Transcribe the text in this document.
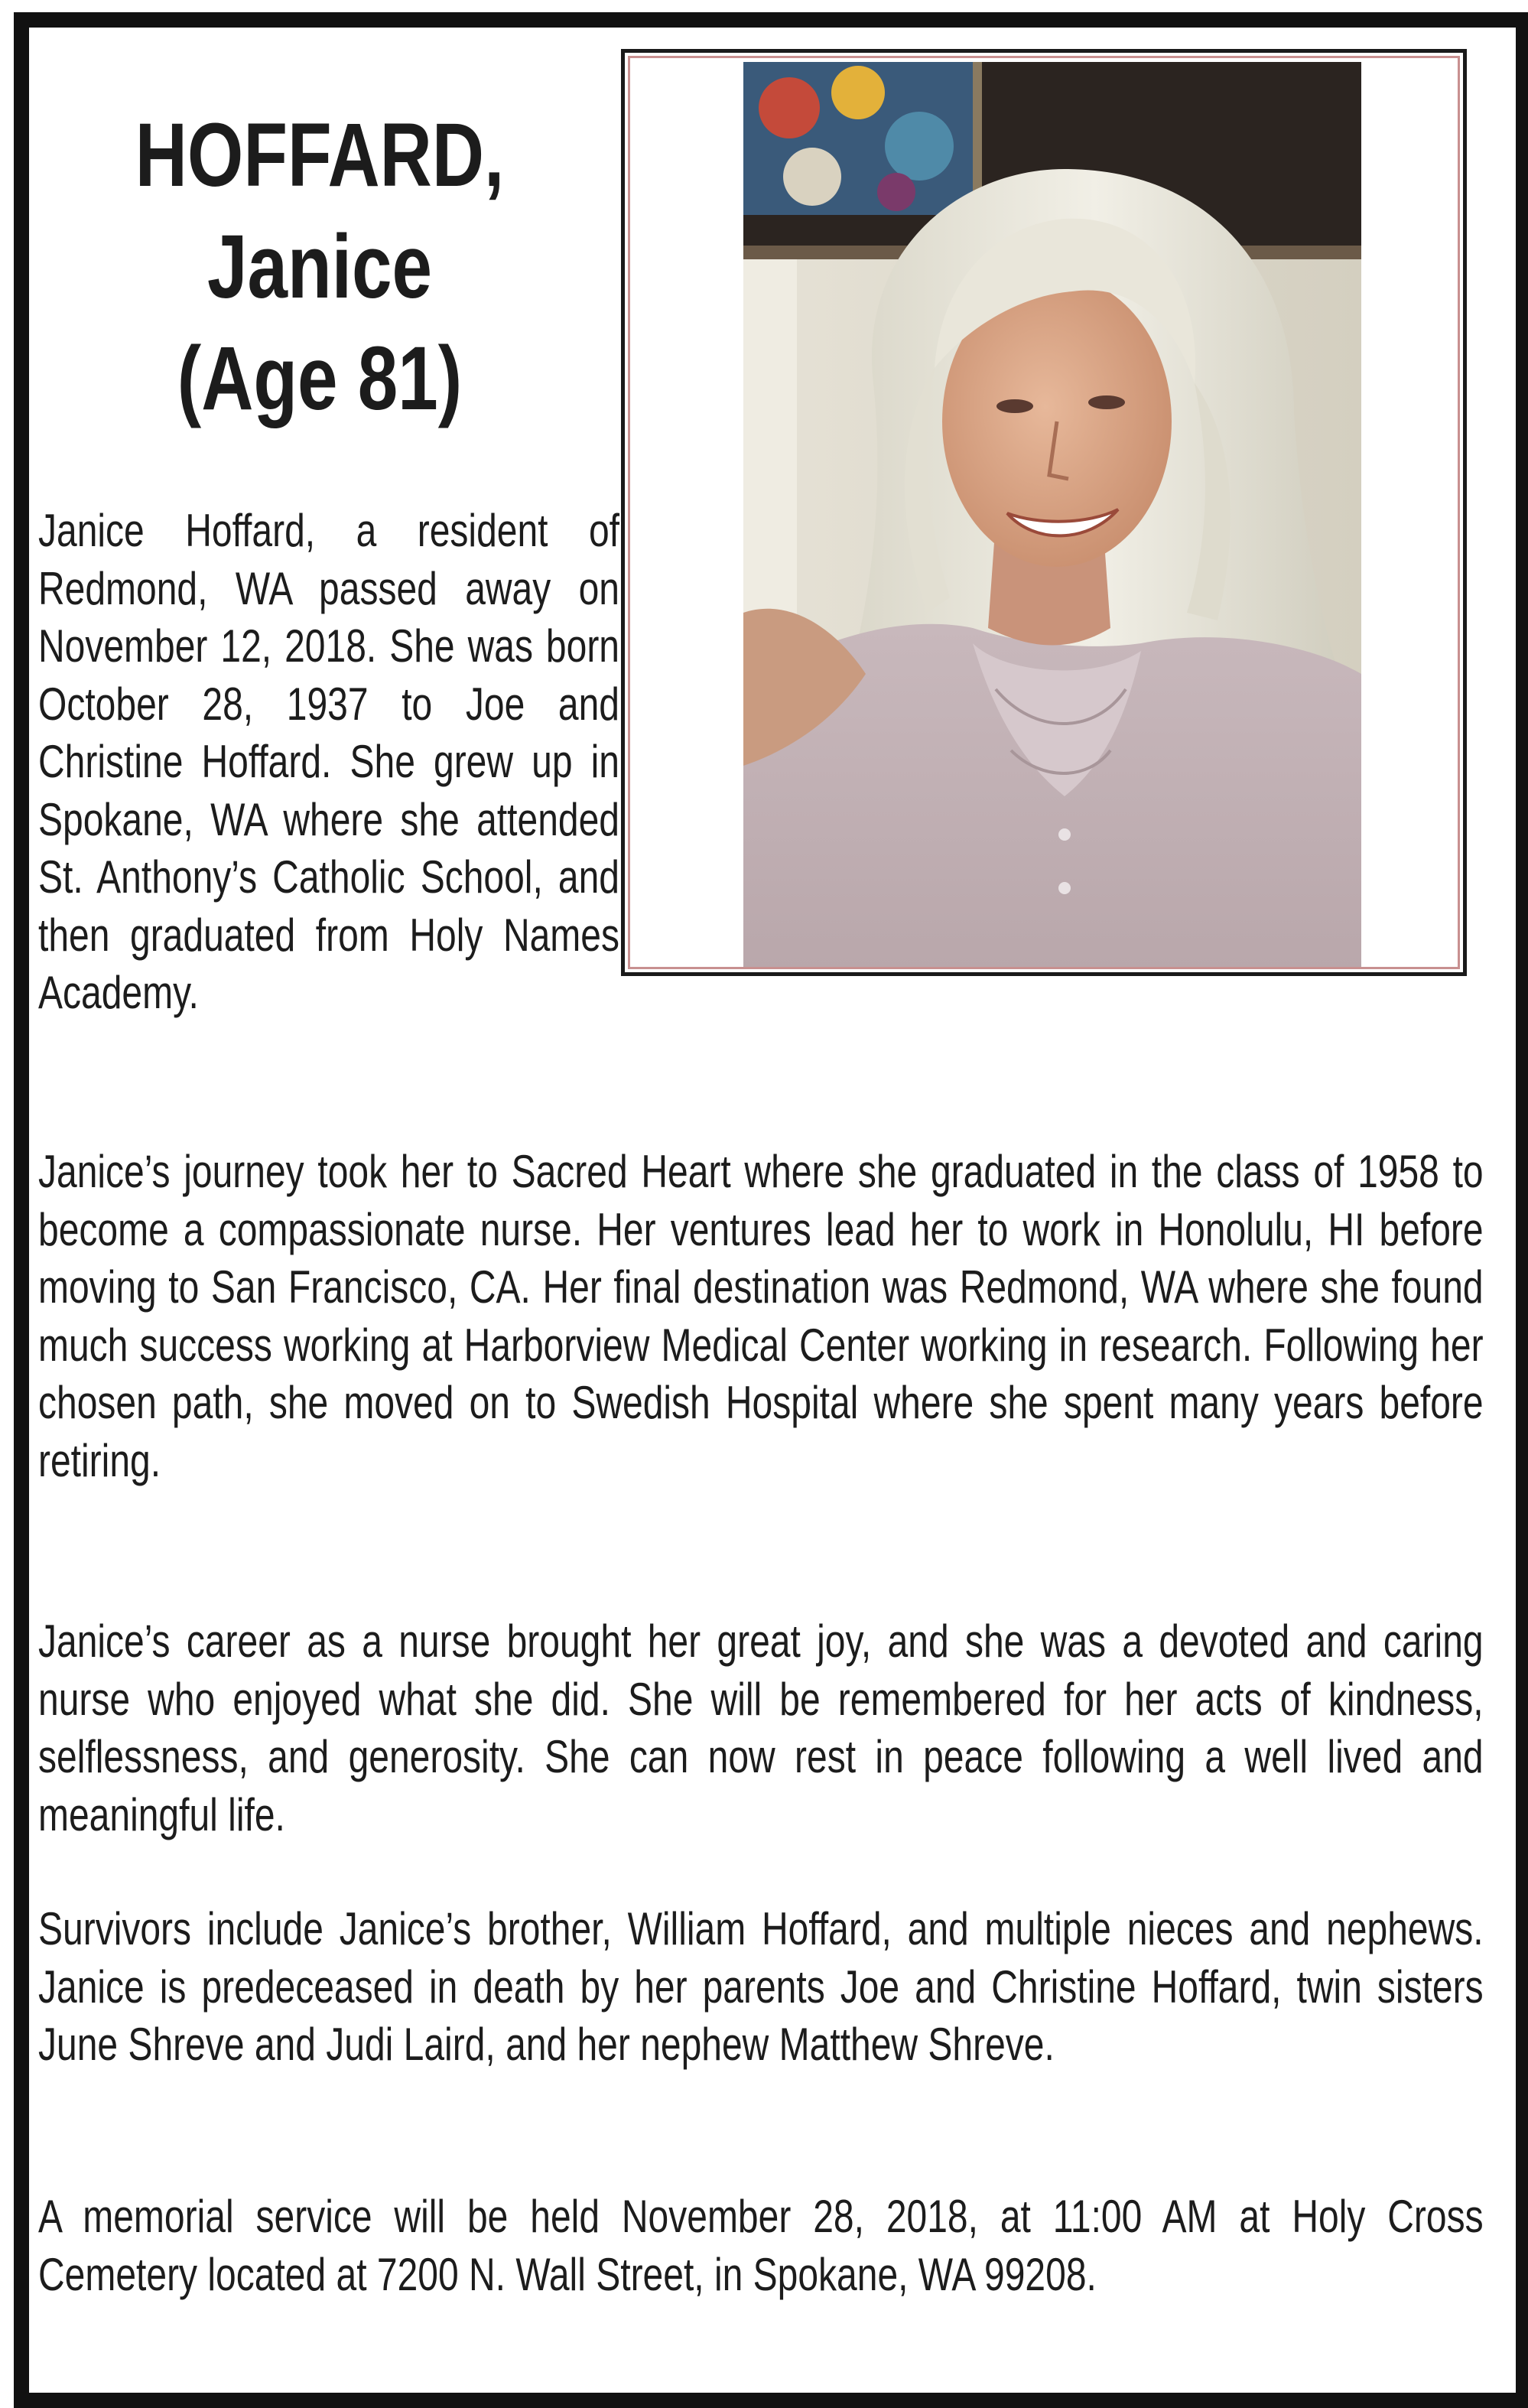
HOFFARD,
Janice
(Age 81)

Janice Hoffard, a resident of Redmond, WA passed away on November 12, 2018. She was born October 28, 1937 to Joe and Christine Hoffard. She grew up in Spokane, WA where she attended St. Anthony’s Catholic School, and then graduated from Holy Names Academy.

Janice’s journey took her to Sacred Heart where she graduated in the class of 1958 to become a compassionate nurse. Her ventures lead her to work in Honolulu, HI before moving to San Francisco, CA. Her final destination was Redmond, WA where she found much success working at Harborview Medical Center working in research. Following her chosen path, she moved on to Swedish Hospital where she spent many years before retiring.

Janice’s career as a nurse brought her great joy, and she was a devoted and caring nurse who enjoyed what she did. She will be remembered for her acts of kindness, selflessness, and generosity. She can now rest in peace following a well lived and meaningful life.

Survivors include Janice’s brother, William Hoffard, and multiple nieces and nephews. Janice is predeceased in death by her parents Joe and Christine Hoffard, twin sisters June Shreve and Judi Laird, and her nephew Matthew Shreve.

A memorial service will be held November 28, 2018, at 11:00 AM at Holy Cross Cemetery located at 7200 N. Wall Street, in Spokane, WA 99208.
